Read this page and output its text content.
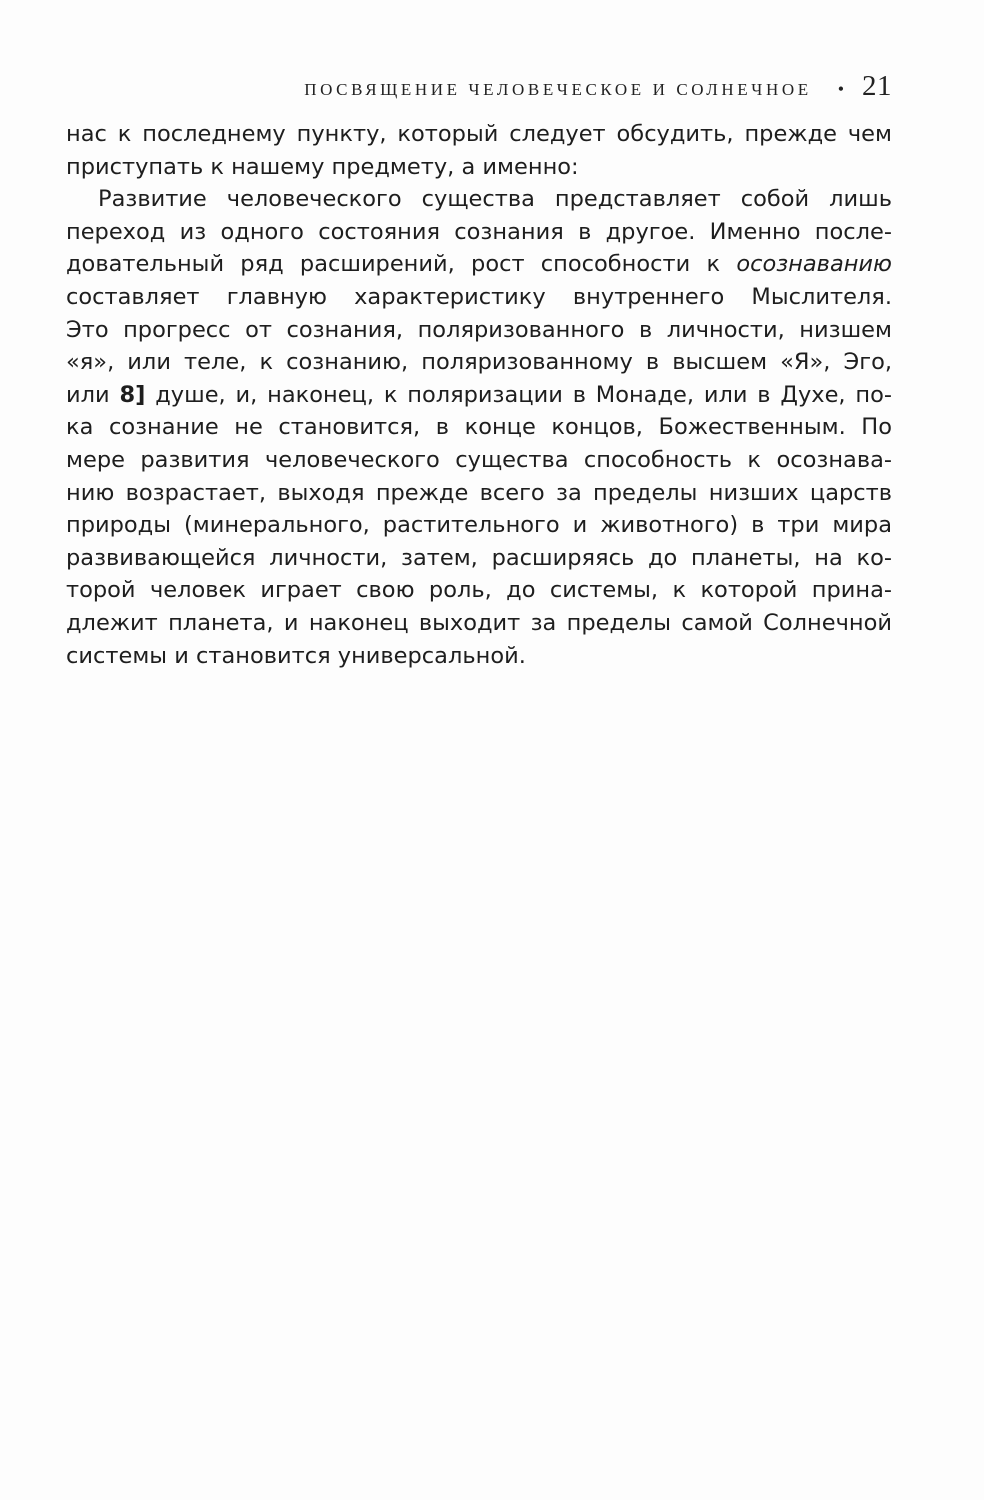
ПОСВЯЩЕНИЕ ЧЕЛОВЕЧЕСКОЕ И СОЛНЕЧНОЕ • 21

нас к последнему пункту, который следует обсудить, прежде чем
приступать к нашему предмету, а именно:

Развитие человеческого существа представляет собой лишь
переход из одного состояния сознания в другое. Именно после-
довательный ряд расширений, рост способности к осознаванию
составляет главную характеристику внутреннего Мыслителя.
Это прогресс от сознания, поляризованного в личности, низшем
«я», или теле, к сознанию, поляризованному в высшем «Я», Эго,
или 8] душе, и, наконец, к поляризации в Монаде, или в Духе, по-
ка сознание не становится, в конце концов, Божественным. По
мере развития человеческого существа способность к осознава-
нию возрастает, выходя прежде всего за пределы низших царств
природы (минерального, растительного и животного) в три мира
развивающейся личности, затем, расширяясь до планеты, на ко-
торой человек играет свою роль, до системы, к которой прина-
длежит планета, и наконец выходит за пределы самой Солнечной
системы и становится универсальной.
